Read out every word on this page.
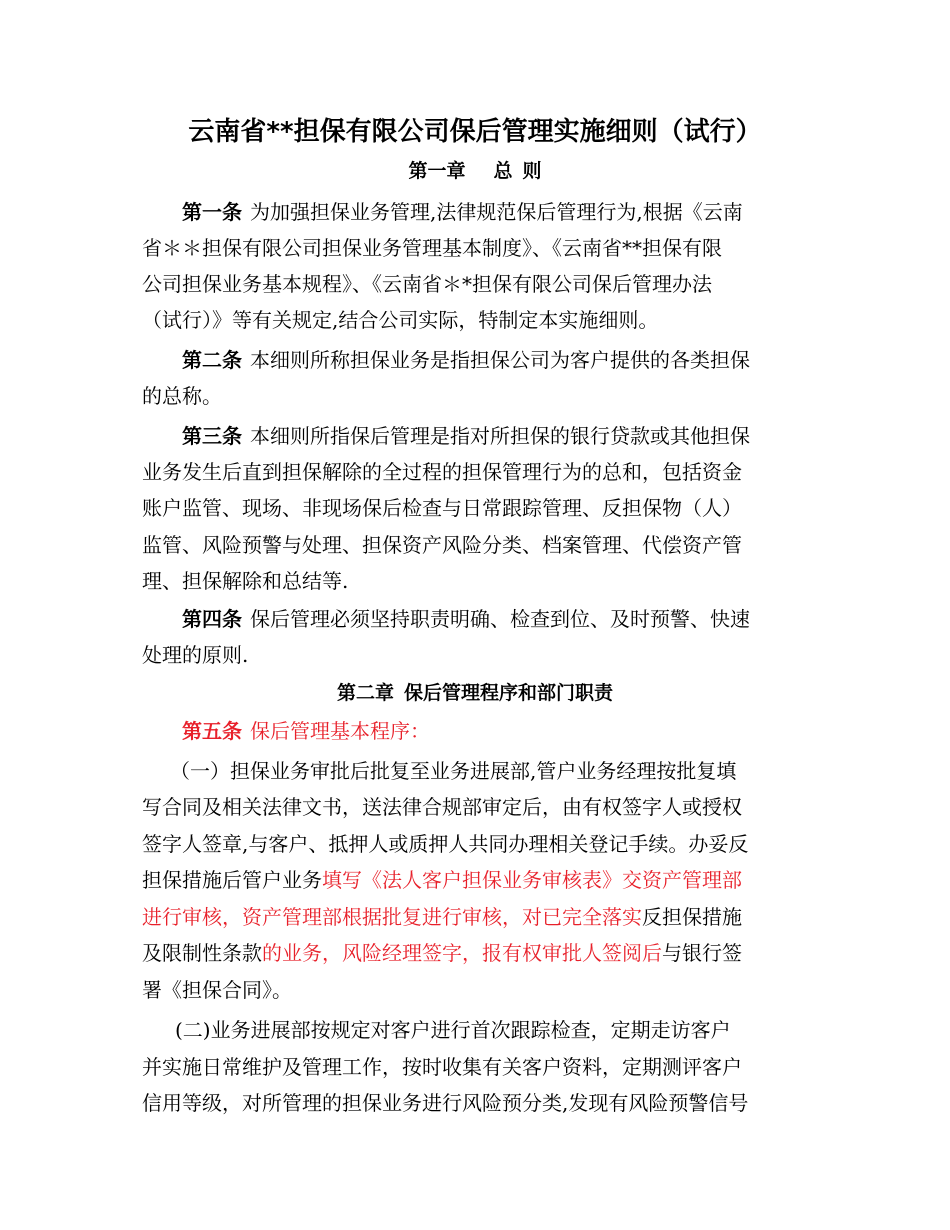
云南省**担保有限公司保后管理实施细则（试行）
第一章 总 则
第一条 为加强担保业务管理,法律规范保后管理行为,根据《云南
省＊＊担保有限公司担保业务管理基本制度》、《云南省**担保有限
公司担保业务基本规程》、《云南省＊*担保有限公司保后管理办法
（试行）》等有关规定,结合公司实际，特制定本实施细则。
第二条 本细则所称担保业务是指担保公司为客户提供的各类担保
的总称。
第三条 本细则所指保后管理是指对所担保的银行贷款或其他担保
业务发生后直到担保解除的全过程的担保管理行为的总和，包括资金
账户监管、现场、非现场保后检查与日常跟踪管理、反担保物（人）
监管、风险预警与处理、担保资产风险分类、档案管理、代偿资产管
理、担保解除和总结等.
第四条 保后管理必须坚持职责明确、检查到位、及时预警、快速
处理的原则.
第二章 保后管理程序和部门职责
第五条 保后管理基本程序：
（一）担保业务审批后批复至业务进展部,管户业务经理按批复填
写合同及相关法律文书，送法律合规部审定后，由有权签字人或授权
签字人签章,与客户、抵押人或质押人共同办理相关登记手续。办妥反
担保措施后管户业务填写《法人客户担保业务审核表》交资产管理部
进行审核，资产管理部根据批复进行审核，对已完全落实反担保措施
及限制性条款的业务，风险经理签字，报有权审批人签阅后与银行签
署《担保合同》。
(二)业务进展部按规定对客户进行首次跟踪检查，定期走访客户
并实施日常维护及管理工作，按时收集有关客户资料，定期测评客户
信用等级，对所管理的担保业务进行风险预分类,发现有风险预警信号
